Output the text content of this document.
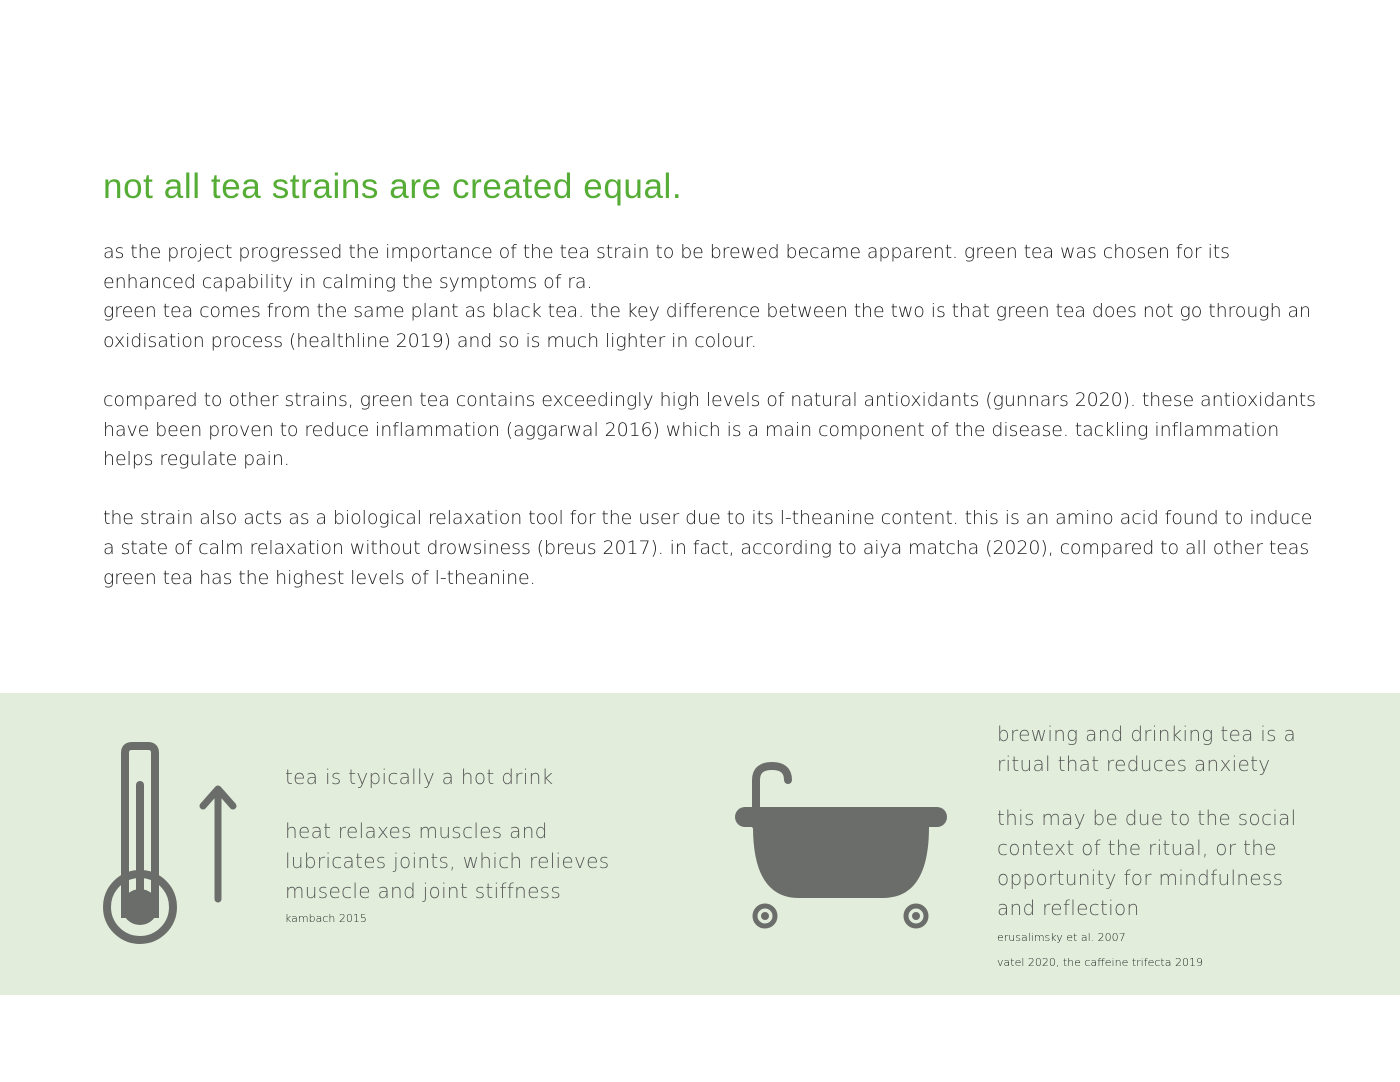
not all tea strains are created equal.

as the project progressed the importance of the tea strain to be brewed became apparent. green tea was chosen for its enhanced capability in calming the symptoms of ra.

green tea comes from the same plant as black tea. the key difference between the two is that green tea does not go through an oxidisation process (healthline 2019) and so is much lighter in colour.

compared to other strains, green tea contains exceedingly high levels of natural antioxidants (gunnars 2020). these antioxidants have been proven to reduce inflammation (aggarwal 2016) which is a main component of the disease. tackling inflammation helps regulate pain.

the strain also acts as a biological relaxation tool for the user due to its l-theanine content. this is an amino acid found to induce a state of calm relaxation without drowsiness (breus 2017). in fact, according to aiya matcha (2020), compared to all other teas green tea has the highest levels of l-theanine.

tea is typically a hot drink

heat relaxes muscles and lubricates joints, which relieves musecle and joint stiffness

kambach 2015

brewing and drinking tea is a ritual that reduces anxiety

this may be due to the social context of the ritual, or the opportunity for mindfulness and reflection

erusalimsky et al. 2007

vatel 2020, the caffeine trifecta 2019
